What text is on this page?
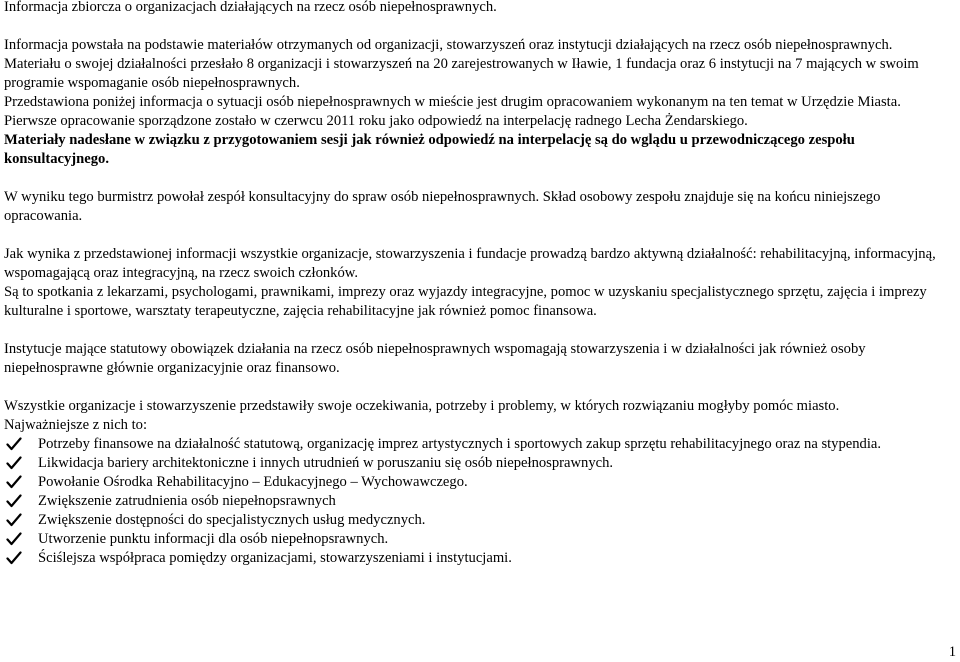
Informacja zbiorcza o organizacjach działających na rzecz osób niepełnosprawnych.

Informacja powstała na podstawie materiałów otrzymanych od organizacji, stowarzyszeń oraz instytucji działających na rzecz osób niepełnosprawnych.

Materiału o swojej działalności przesłało 8 organizacji i stowarzyszeń na 20 zarejestrowanych w Iławie, 1 fundacja oraz 6 instytucji na 7 mających w swoim programie wspomaganie osób niepełnosprawnych.

Przedstawiona poniżej informacja o sytuacji osób niepełnosprawnych w mieście jest drugim opracowaniem wykonanym na ten temat w Urzędzie Miasta. Pierwsze opracowanie sporządzone zostało w czerwcu 2011 roku jako odpowiedź na interpelację radnego Lecha Żendarskiego.

Materiały nadesłane w związku z przygotowaniem sesji jak również odpowiedź na interpelację są do wglądu u przewodniczącego zespołu konsultacyjnego.

W wyniku tego burmistrz powołał zespół konsultacyjny do spraw osób niepełnosprawnych. Skład osobowy zespołu znajduje się na końcu niniejszego opracowania.

Jak wynika z przedstawionej informacji wszystkie organizacje, stowarzyszenia i fundacje prowadzą bardzo aktywną działalność: rehabilitacyjną, informacyjną, wspomagającą oraz integracyjną, na rzecz swoich członków.

Są to spotkania z lekarzami, psychologami, prawnikami, imprezy oraz wyjazdy integracyjne, pomoc w uzyskaniu specjalistycznego sprzętu, zajęcia i imprezy kulturalne i sportowe, warsztaty terapeutyczne, zajęcia rehabilitacyjne jak również pomoc finansowa.

Instytucje mające statutowy obowiązek działania na rzecz osób niepełnosprawnych wspomagają stowarzyszenia i w działalności jak również osoby niepełnosprawne głównie organizacyjnie oraz finansowo.

Wszystkie organizacje i stowarzyszenie przedstawiły swoje oczekiwania, potrzeby i problemy, w których rozwiązaniu mogłyby pomóc miasto.

Najważniejsze z nich to:

Potrzeby finansowe na działalność statutową, organizację imprez artystycznych i sportowych zakup sprzętu rehabilitacyjnego oraz na stypendia.
Likwidacja bariery architektoniczne i innych utrudnień w poruszaniu się osób niepełnosprawnych.
Powołanie Ośrodka Rehabilitacyjno – Edukacyjnego – Wychowawczego.
Zwiększenie zatrudnienia osób niepełnopsrawnych
Zwiększenie dostępności do specjalistycznych usług medycznych.
Utworzenie punktu informacji dla osób niepełnopsrawnych.
Ściślejsza współpraca pomiędzy organizacjami, stowarzyszeniami i instytucjami.
1
